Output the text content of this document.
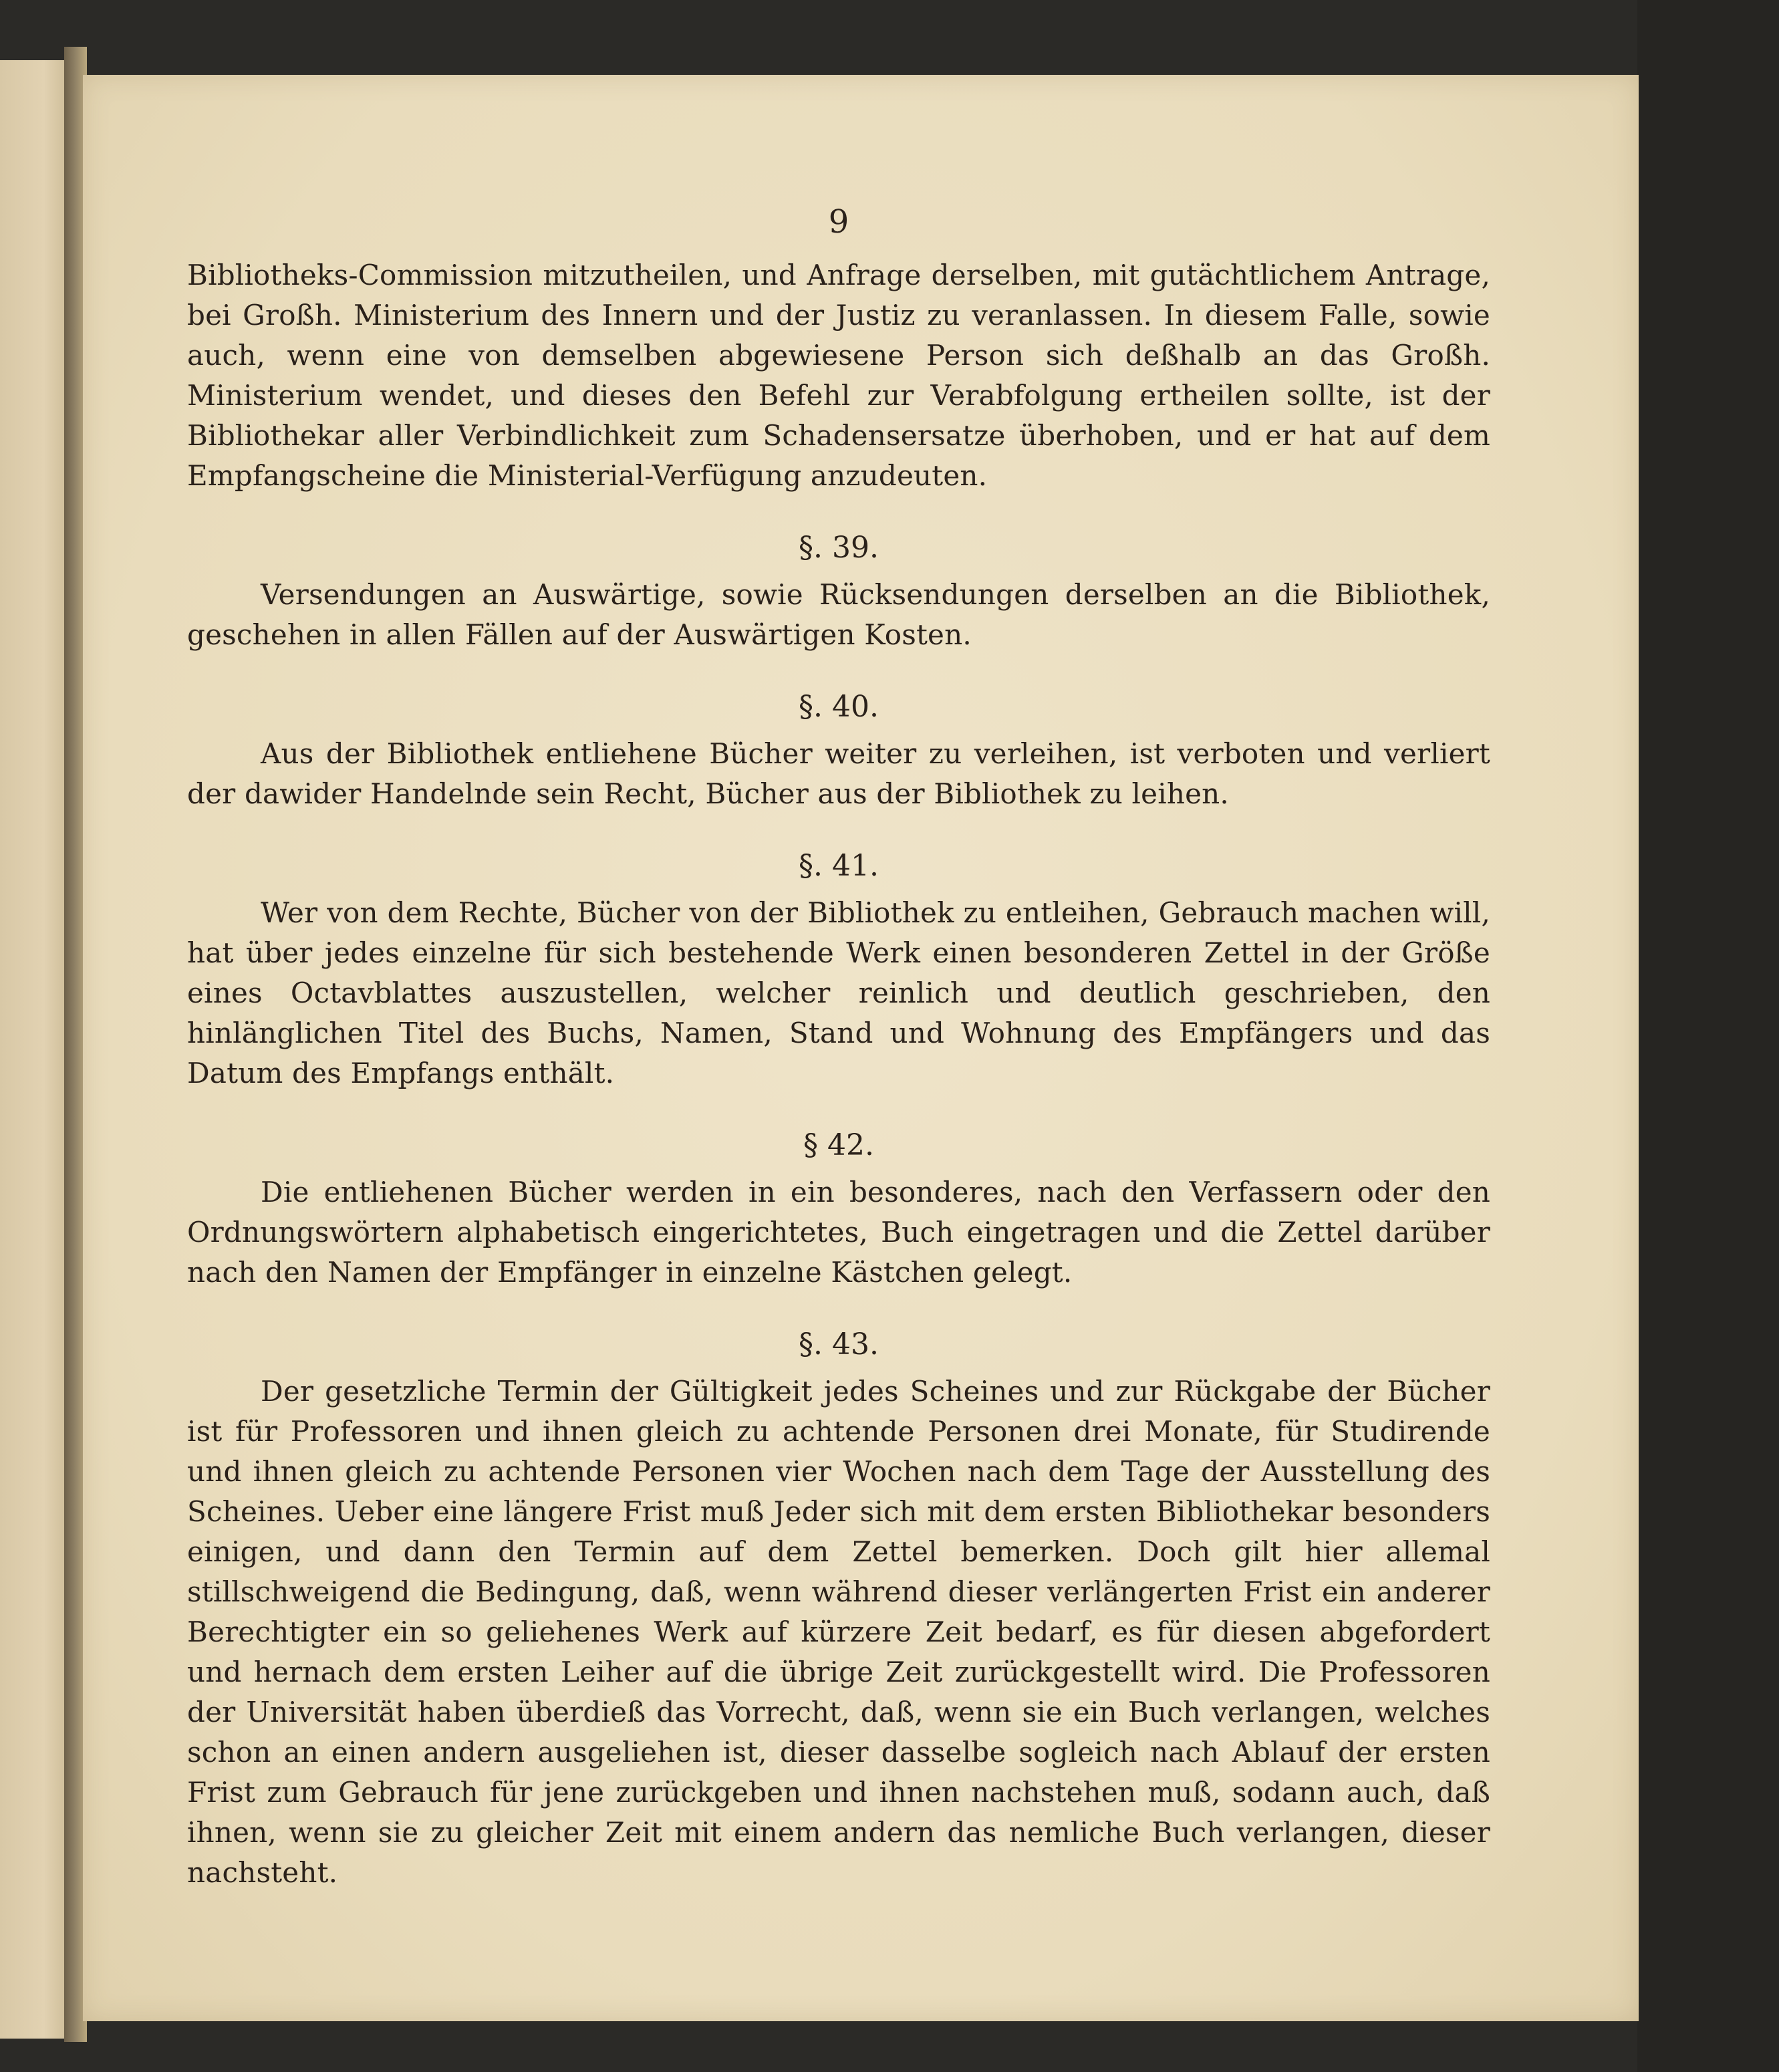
9

Bibliotheks-Commission mitzutheilen, und Anfrage derselben, mit gutächtlichem Antrage, bei Großh. Ministerium des Innern und der Justiz zu veranlassen. In diesem Falle, sowie auch, wenn eine von demselben abgewiesene Person sich deßhalb an das Großh. Ministerium wendet, und dieses den Befehl zur Verabfolgung ertheilen sollte, ist der Bibliothekar aller Verbindlichkeit zum Schadensersatze überhoben, und er hat auf dem Empfangscheine die Ministerial-Verfügung anzudeuten.

§. 39.

Versendungen an Auswärtige, sowie Rücksendungen derselben an die Bibliothek, geschehen in allen Fällen auf der Auswärtigen Kosten.

§. 40.

Aus der Bibliothek entliehene Bücher weiter zu verleihen, ist verboten und verliert der dawider Handelnde sein Recht, Bücher aus der Bibliothek zu leihen.

§. 41.

Wer von dem Rechte, Bücher von der Bibliothek zu entleihen, Gebrauch machen will, hat über jedes einzelne für sich bestehende Werk einen besonderen Zettel in der Größe eines Octavblattes auszustellen, welcher reinlich und deutlich geschrieben, den hinlänglichen Titel des Buchs, Namen, Stand und Wohnung des Empfängers und das Datum des Empfangs enthält.

§ 42.

Die entliehenen Bücher werden in ein besonderes, nach den Verfassern oder den Ordnungswörtern alphabetisch eingerichtetes, Buch eingetragen und die Zettel darüber nach den Namen der Empfänger in einzelne Kästchen gelegt.

§. 43.

Der gesetzliche Termin der Gültigkeit jedes Scheines und zur Rückgabe der Bücher ist für Professoren und ihnen gleich zu achtende Personen drei Monate, für Studirende und ihnen gleich zu achtende Personen vier Wochen nach dem Tage der Ausstellung des Scheines. Ueber eine längere Frist muß Jeder sich mit dem ersten Bibliothekar besonders einigen, und dann den Termin auf dem Zettel bemerken. Doch gilt hier allemal stillschweigend die Bedingung, daß, wenn während dieser verlängerten Frist ein anderer Berechtigter ein so geliehenes Werk auf kürzere Zeit bedarf, es für diesen abgefordert und hernach dem ersten Leiher auf die übrige Zeit zurückgestellt wird. Die Professoren der Universität haben überdieß das Vorrecht, daß, wenn sie ein Buch verlangen, welches schon an einen andern ausgeliehen ist, dieser dasselbe sogleich nach Ablauf der ersten Frist zum Gebrauch für jene zurückgeben und ihnen nachstehen muß, sodann auch, daß ihnen, wenn sie zu gleicher Zeit mit einem andern das nemliche Buch verlangen, dieser nachsteht.
